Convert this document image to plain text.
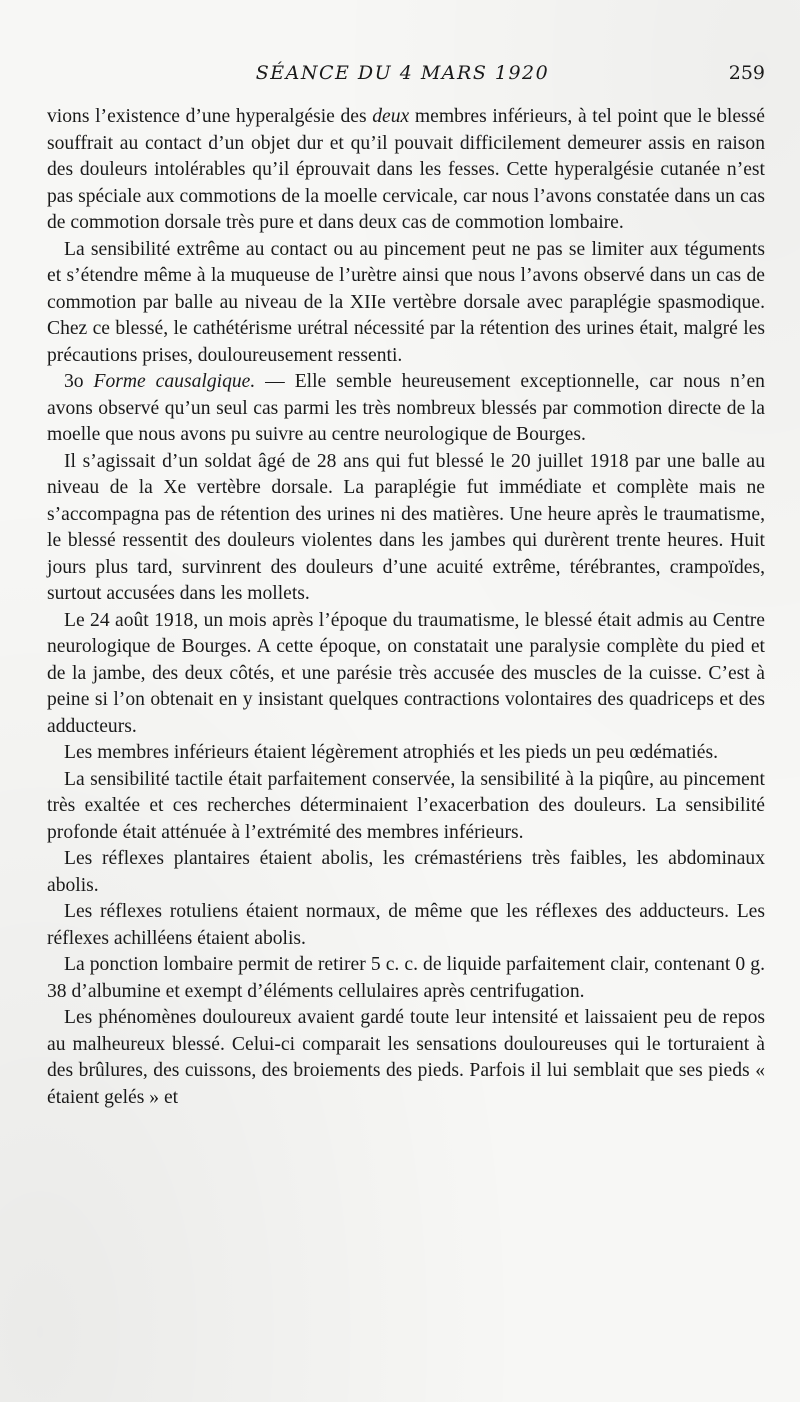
SÉANCE DU 4 MARS 1920	259

vions l’existence d’une hyperalgésie des deux membres inférieurs, à tel point que le blessé souffrait au contact d’un objet dur et qu’il pouvait difficilement demeurer assis en raison des douleurs intolérables qu’il éprouvait dans les fesses. Cette hyperalgésie cutanée n’est pas spéciale aux commotions de la moelle cervicale, car nous l’avons constatée dans un cas de commotion dorsale très pure et dans deux cas de commotion lombaire.

La sensibilité extrême au contact ou au pincement peut ne pas se limiter aux téguments et s’étendre même à la muqueuse de l’urètre ainsi que nous l’avons observé dans un cas de commotion par balle au niveau de la XIIe vertèbre dorsale avec paraplégie spasmodique. Chez ce blessé, le cathétérisme urétral nécessité par la rétention des urines était, malgré les précautions prises, douloureusement ressenti.

3o Forme causalgique. — Elle semble heureusement exceptionnelle, car nous n’en avons observé qu’un seul cas parmi les très nombreux blessés par commotion directe de la moelle que nous avons pu suivre au centre neurologique de Bourges.

Il s’agissait d’un soldat âgé de 28 ans qui fut blessé le 20 juillet 1918 par une balle au niveau de la Xe vertèbre dorsale. La paraplégie fut immédiate et complète mais ne s’accompagna pas de rétention des urines ni des matières. Une heure après le traumatisme, le blessé ressentit des douleurs violentes dans les jambes qui durèrent trente heures. Huit jours plus tard, survinrent des douleurs d’une acuité extrême, térébrantes, crampoïdes, surtout accusées dans les mollets.

Le 24 août 1918, un mois après l’époque du traumatisme, le blessé était admis au Centre neurologique de Bourges. A cette époque, on constatait une paralysie complète du pied et de la jambe, des deux côtés, et une parésie très accusée des muscles de la cuisse. C’est à peine si l’on obtenait en y insistant quelques contractions volontaires des quadriceps et des adducteurs.

Les membres inférieurs étaient légèrement atrophiés et les pieds un peu œdématiés.

La sensibilité tactile était parfaitement conservée, la sensibilité à la piqûre, au pincement très exaltée et ces recherches déterminaient l’exacerbation des douleurs. La sensibilité profonde était atténuée à l’extrémité des membres inférieurs.

Les réflexes plantaires étaient abolis, les crémastériens très faibles, les abdominaux abolis.

Les réflexes rotuliens étaient normaux, de même que les réflexes des adducteurs. Les réflexes achilléens étaient abolis.

La ponction lombaire permit de retirer 5 c. c. de liquide parfaitement clair, contenant 0 g. 38 d’albumine et exempt d’éléments cellulaires après centrifugation.

Les phénomènes douloureux avaient gardé toute leur intensité et laissaient peu de repos au malheureux blessé. Celui-ci comparait les sensations douloureuses qui le torturaient à des brûlures, des cuissons, des broiements des pieds. Parfois il lui semblait que ses pieds « étaient gelés » et
